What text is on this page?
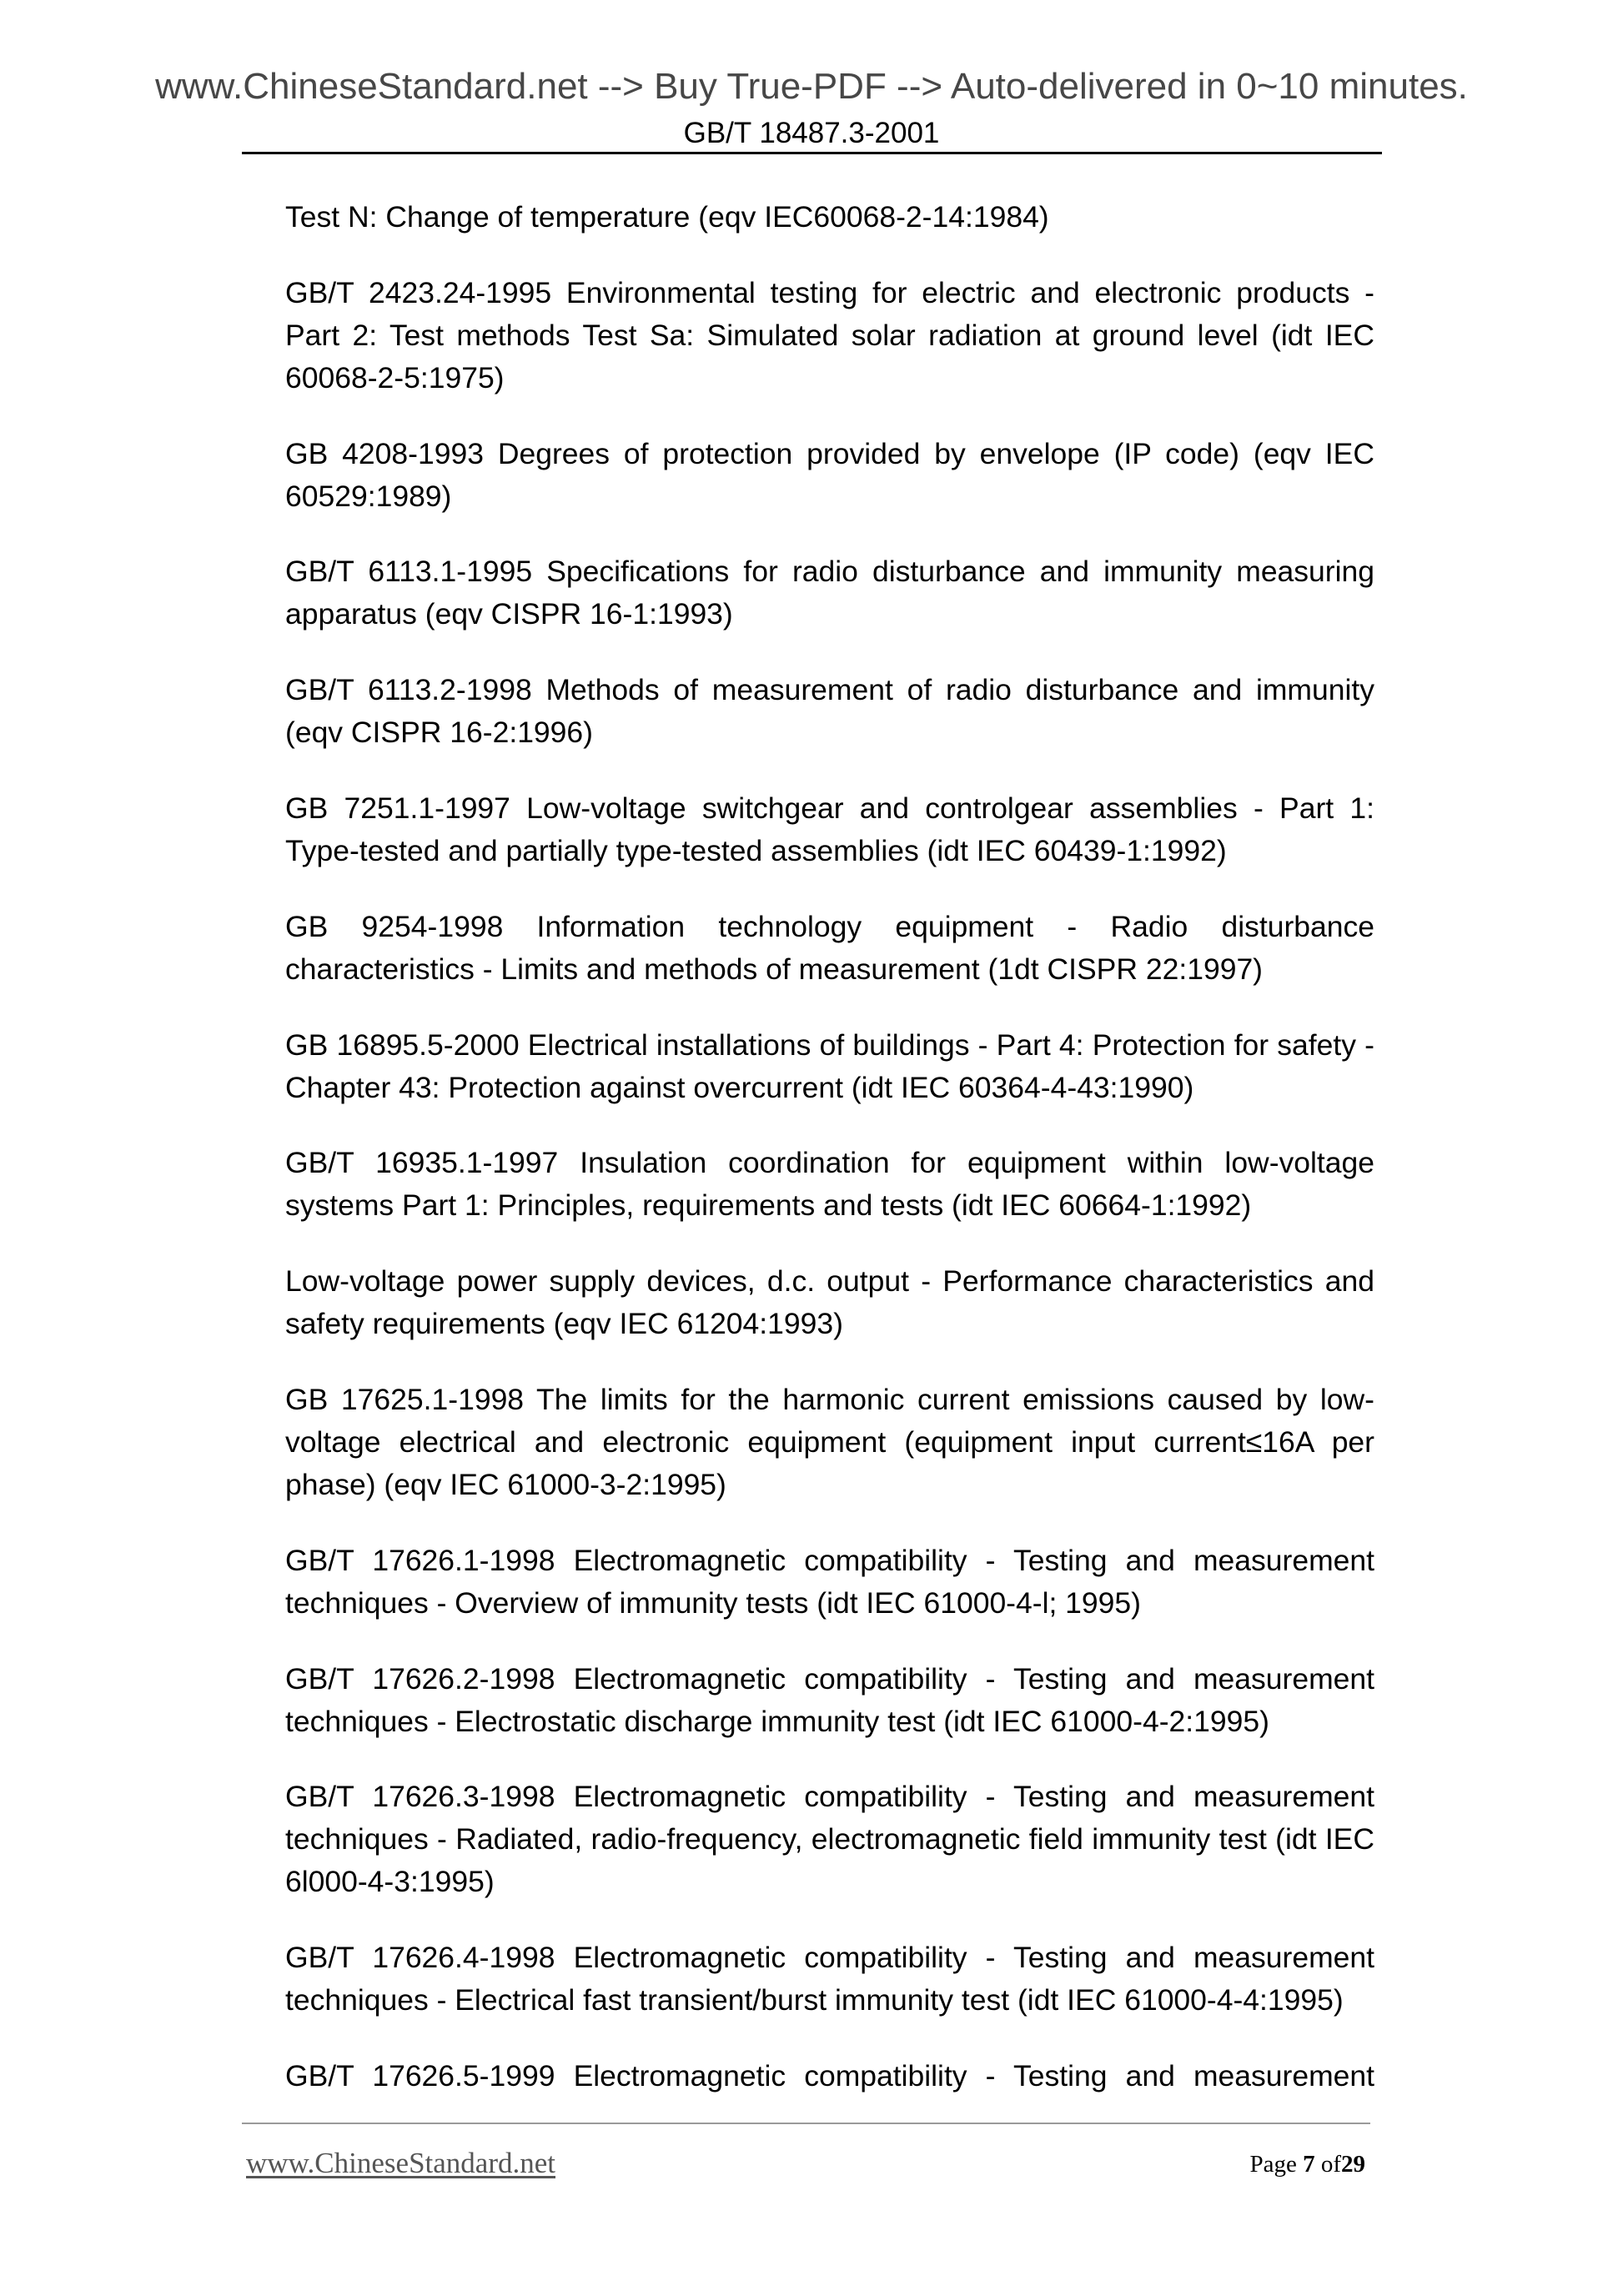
www.ChineseStandard.net --> Buy True-PDF --> Auto-delivered in 0~10 minutes.
GB/T 18487.3-2001

Test N: Change of temperature (eqv IEC60068-2-14:1984)

GB/T 2423.24-1995 Environmental testing for electric and electronic products - Part 2: Test methods Test Sa: Simulated solar radiation at ground level (idt IEC 60068-2-5:1975)

GB 4208-1993 Degrees of protection provided by envelope (IP code) (eqv IEC 60529:1989)

GB/T 6113.1-1995 Specifications for radio disturbance and immunity measuring apparatus (eqv CISPR 16-1:1993)

GB/T 6113.2-1998 Methods of measurement of radio disturbance and immunity (eqv CISPR 16-2:1996)

GB 7251.1-1997 Low-voltage switchgear and controlgear assemblies - Part 1: Type-tested and partially type-tested assemblies (idt IEC 60439-1:1992)

GB 9254-1998 Information technology equipment - Radio disturbance characteristics - Limits and methods of measurement (1dt CISPR 22:1997)

GB 16895.5-2000 Electrical installations of buildings - Part 4: Protection for safety - Chapter 43: Protection against overcurrent (idt IEC 60364-4-43:1990)

GB/T 16935.1-1997 Insulation coordination for equipment within low-voltage systems Part 1: Principles, requirements and tests (idt IEC 60664-1:1992)

Low-voltage power supply devices, d.c. output - Performance characteristics and safety requirements (eqv IEC 61204:1993)

GB 17625.1-1998 The limits for the harmonic current emissions caused by low-voltage electrical and electronic equipment (equipment input current≤16A per phase) (eqv IEC 61000-3-2:1995)

GB/T 17626.1-1998 Electromagnetic compatibility - Testing and measurement techniques - Overview of immunity tests (idt IEC 61000-4-l; 1995)

GB/T 17626.2-1998 Electromagnetic compatibility - Testing and measurement techniques - Electrostatic discharge immunity test (idt IEC 61000-4-2:1995)

GB/T 17626.3-1998 Electromagnetic compatibility - Testing and measurement techniques - Radiated, radio-frequency, electromagnetic field immunity test (idt IEC 6l000-4-3:1995)

GB/T 17626.4-1998 Electromagnetic compatibility - Testing and measurement techniques - Electrical fast transient/burst immunity test (idt IEC 61000-4-4:1995)

GB/T 17626.5-1999 Electromagnetic compatibility - Testing and measurement

www.ChineseStandard.net	Page 7 of29
